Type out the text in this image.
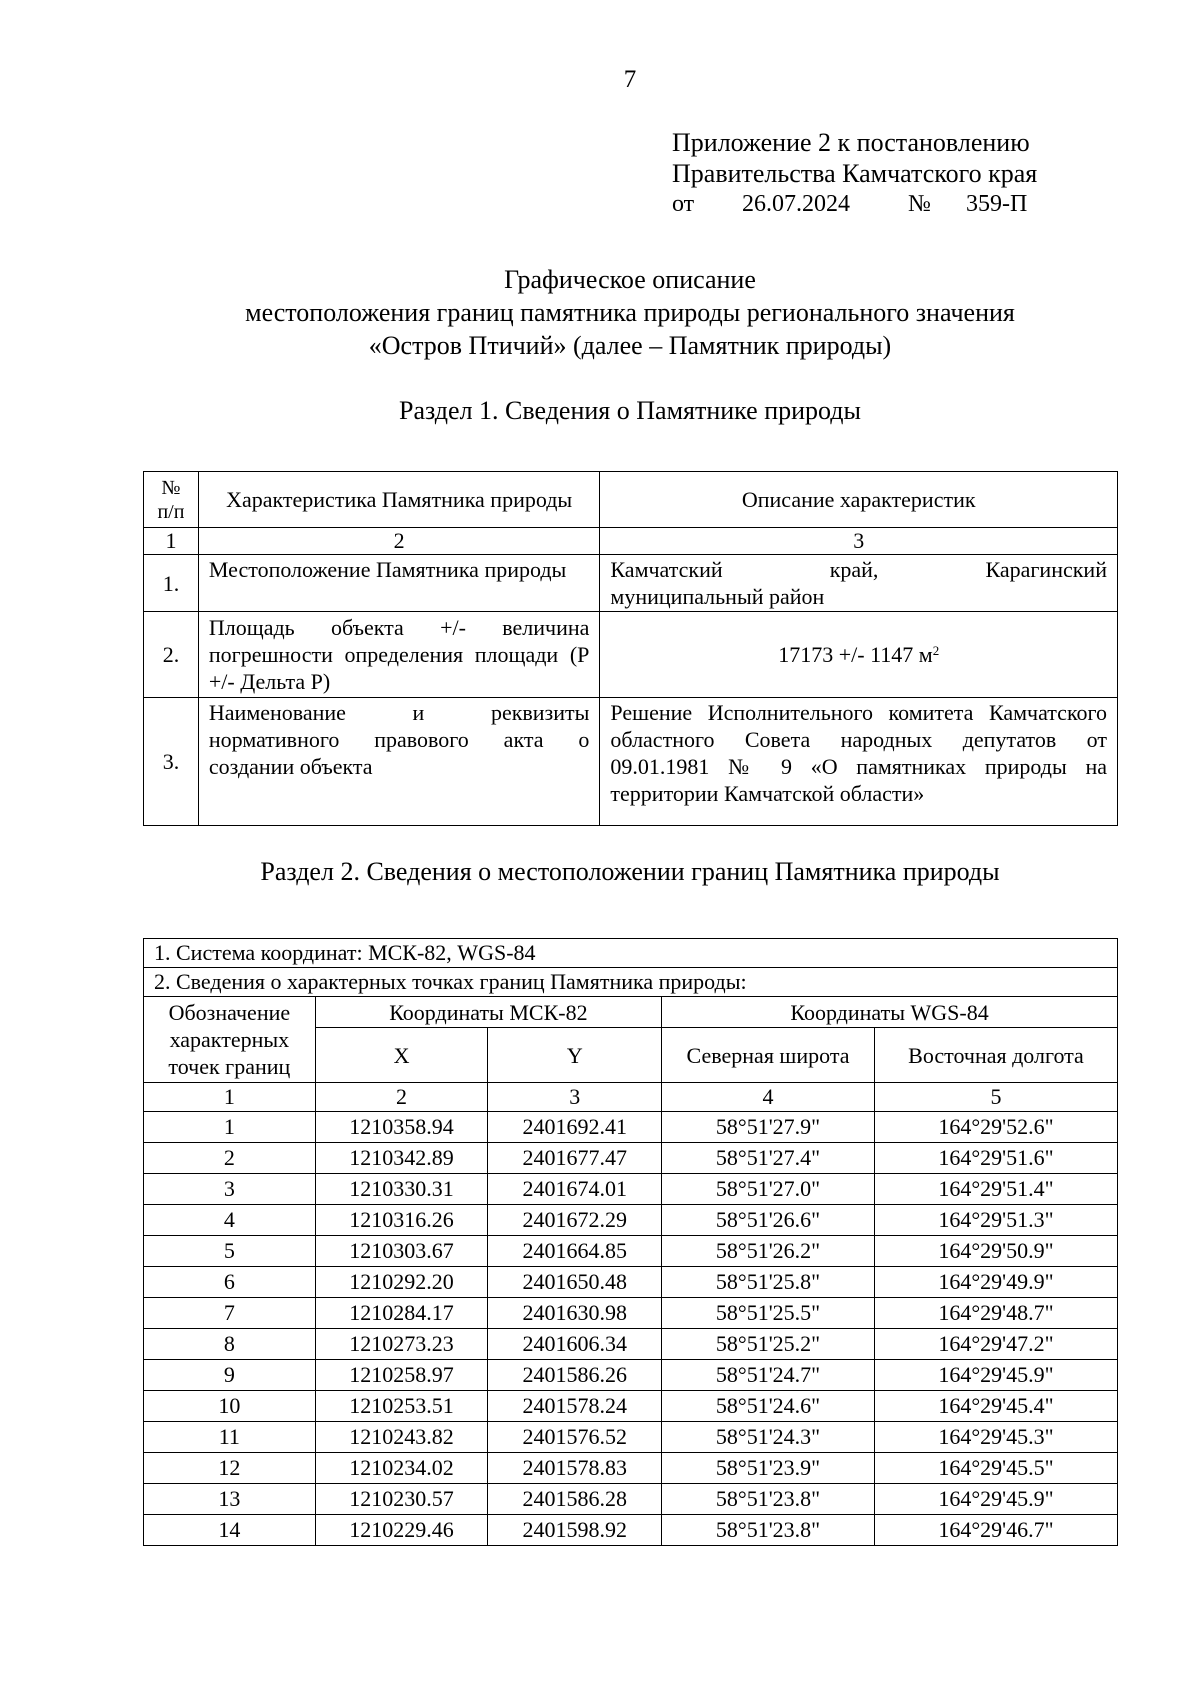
7
Приложение 2 к постановлению
Правительства Камчатского края
от	26.07.2024	№	359-П
Графическое описание
местоположения границ памятника природы регионального значения
«Остров Птичий» (далее – Памятник природы)
Раздел 1. Сведения о Памятнике природы
№
п/п	Характеристика Памятника природы	Описание характеристик
1	2	3
1.	Местоположение Памятника природы	Камчатский край, Карагинский
муниципальный район

2.	Площадь объекта +/- величина погрешности определения площади (Р +/- Дельта Р)	17173 +/- 1147 $м^2$
3.	Наименование и реквизиты нормативного правового акта о создании объекта	Решение Исполнительного комитета Камчатского областного Совета народных депутатов от 09.01.1981 № 9 «О памятниках природы на территории Камчатской области»
Раздел 2. Сведения о местоположении границ Памятника природы
1. Система координат: МСК-82, WGS-84				
2. Сведения о характерных точках границ Памятника природы:				
Обозначение характерных точек границ	Координаты МСК-82		Координаты WGS-84	
	X	Y	Северная широта	Восточная долгота
1	2	3	4	5
1	1210358.94	2401692.41	58°51'27.9"	164°29'52.6"
2	1210342.89	2401677.47	58°51'27.4"	164°29'51.6"
3	1210330.31	2401674.01	58°51'27.0"	164°29'51.4"
4	1210316.26	2401672.29	58°51'26.6"	164°29'51.3"
5	1210303.67	2401664.85	58°51'26.2"	164°29'50.9"
6	1210292.20	2401650.48	58°51'25.8"	164°29'49.9"
7	1210284.17	2401630.98	58°51'25.5"	164°29'48.7"
8	1210273.23	2401606.34	58°51'25.2"	164°29'47.2"
9	1210258.97	2401586.26	58°51'24.7"	164°29'45.9"
10	1210253.51	2401578.24	58°51'24.6"	164°29'45.4"
11	1210243.82	2401576.52	58°51'24.3"	164°29'45.3"
12	1210234.02	2401578.83	58°51'23.9"	164°29'45.5"
13	1210230.57	2401586.28	58°51'23.8"	164°29'45.9"
14	1210229.46	2401598.92	58°51'23.8"	164°29'46.7"
